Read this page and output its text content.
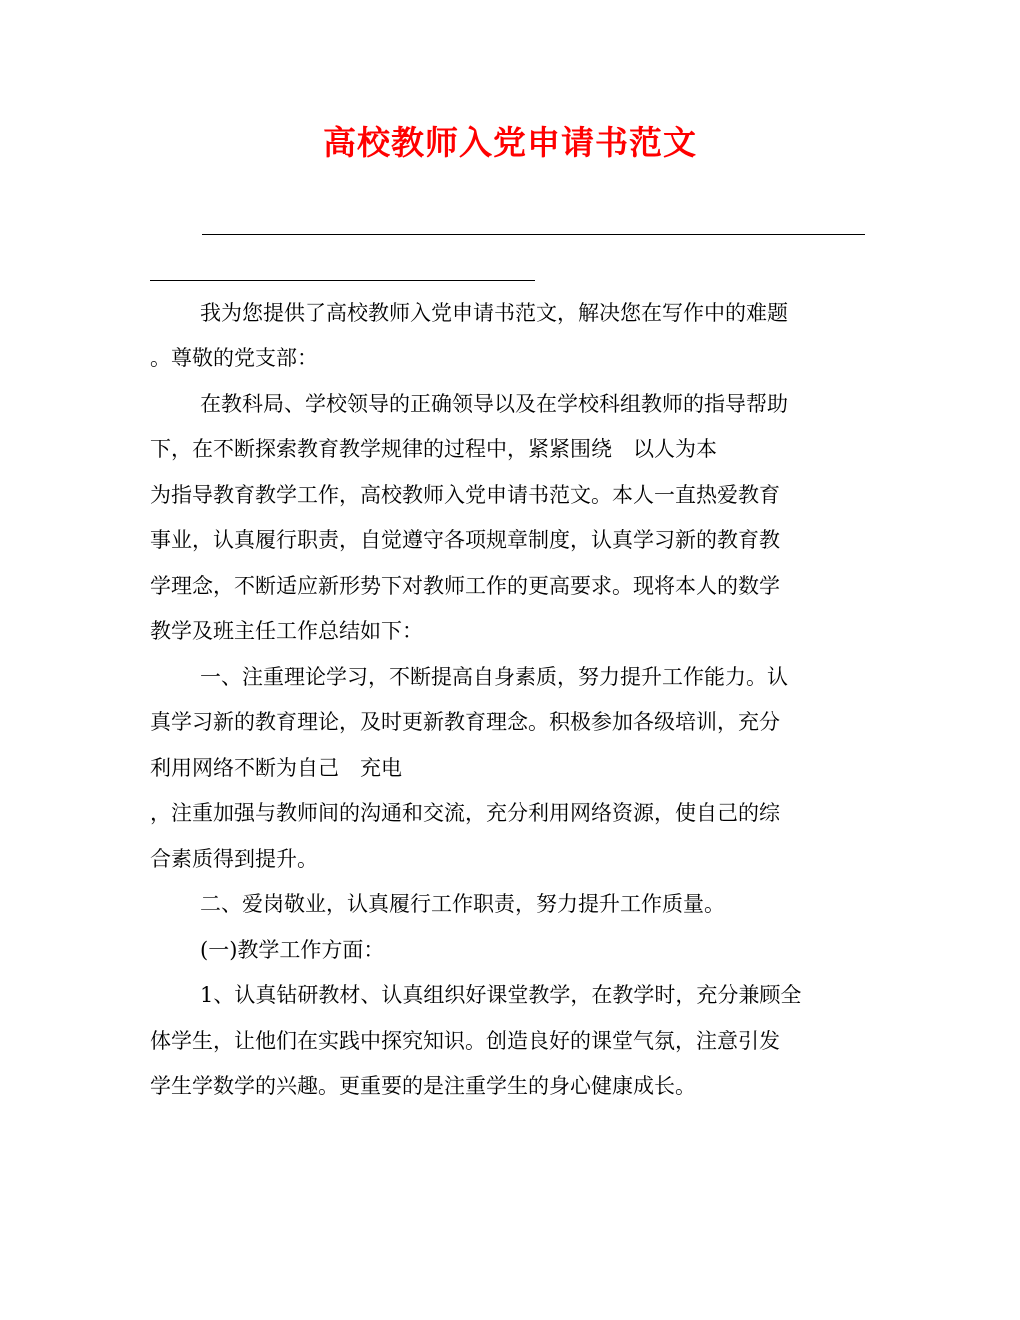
高校教师入党申请书范文
我为您提供了高校教师入党申请书范文，解决您在写作中的难题
。尊敬的党支部：
在教科局、学校领导的正确领导以及在学校科组教师的指导帮助
下，在不断探索教育教学规律的过程中，紧紧围绕　以人为本
为指导教育教学工作，高校教师入党申请书范文。本人一直热爱教育
事业，认真履行职责，自觉遵守各项规章制度，认真学习新的教育教
学理念，不断适应新形势下对教师工作的更高要求。现将本人的数学
教学及班主任工作总结如下：
一、注重理论学习，不断提高自身素质，努力提升工作能力。认
真学习新的教育理论，及时更新教育理念。积极参加各级培训，充分
利用网络不断为自己　充电
，注重加强与教师间的沟通和交流，充分利用网络资源，使自己的综
合素质得到提升。
二、爱岗敬业，认真履行工作职责，努力提升工作质量。
(一)教学工作方面：
1、认真钻研教材、认真组织好课堂教学，在教学时，充分兼顾全
体学生，让他们在实践中探究知识。创造良好的课堂气氛，注意引发
学生学数学的兴趣。更重要的是注重学生的身心健康成长。
